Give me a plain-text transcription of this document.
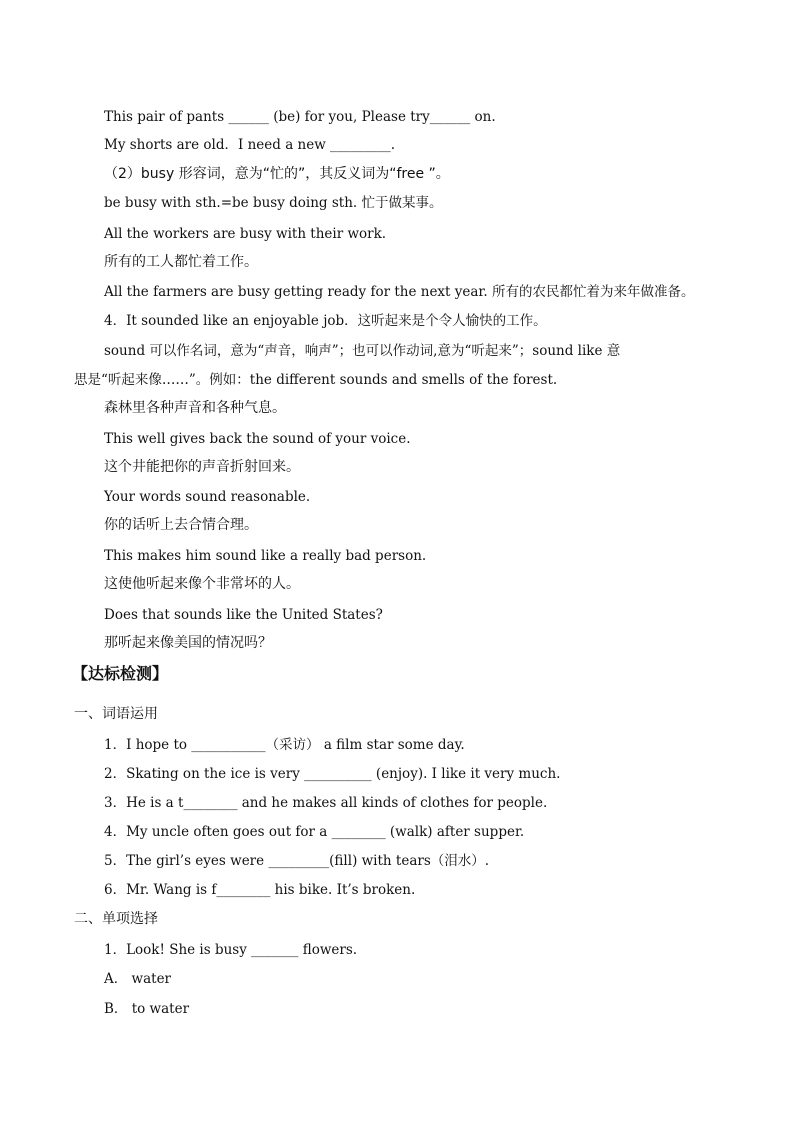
This pair of pants ______ (be) for you, Please try______ on.
My shorts are old．I need a new _________.
（2）busy 形容词，意为“忙的”，其反义词为“free ”。
be busy with sth.=be busy doing sth. 忙于做某事。
All the workers are busy with their work.
所有的工人都忙着工作。
All the farmers are busy getting ready for the next year. 所有的农民都忙着为来年做准备。
4．It sounded like an enjoyable job．这听起来是个令人愉快的工作。
sound 可以作名词，意为“声音，响声”；也可以作动词,意为“听起来”；sound like 意
思是“听起来像……”。例如：the different sounds and smells of the forest.
森林里各种声音和各种气息。
This well gives back the sound of your voice.
这个井能把你的声音折射回来。
Your words sound reasonable.
你的话听上去合情合理。
This makes him sound like a really bad person.
这使他听起来像个非常坏的人。
Does that sounds like the United States?
那听起来像美国的情况吗？
【达标检测】
一、词语运用
1．I hope to ___________（采访） a film star some day.
2．Skating on the ice is very __________ (enjoy). I like it very much.
3．He is a t________ and he makes all kinds of clothes for people.
4．My uncle often goes out for a ________ (walk) after supper.
5．The girl’s eyes were _________(fill) with tears（泪水）.
6．Mr. Wang is f________ his bike. It’s broken.
二、单项选择
1．Look! She is busy _______ flowers.
A． water
B． to water
